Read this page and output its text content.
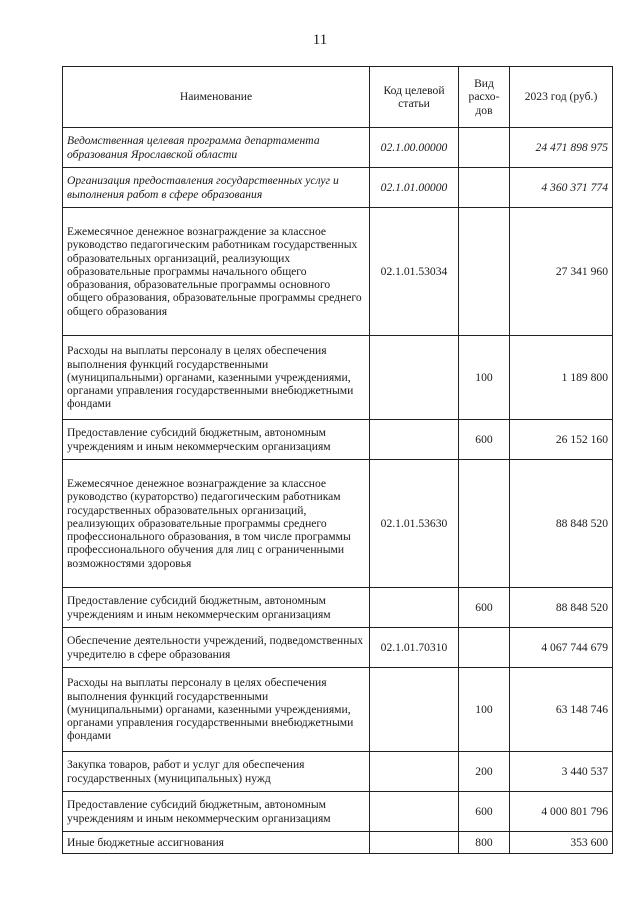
11
Наименование	Код целевой статьи	Вид расхо-дов	2023 год (руб.)
Ведомственная целевая программа департамента образования Ярославской области	02.1.00.00000		24 471 898 975
Организация предоставления государственных услуг и выполнения работ в сфере образования	02.1.01.00000		4 360 371 774
Ежемесячное денежное вознаграждение за классное руководство педагогическим работникам государственных образовательных организаций, реализующих образовательные программы начального общего образования, образовательные программы основного общего образования, образовательные программы среднего общего образования	02.1.01.53034		27 341 960
Расходы на выплаты персоналу в целях обеспечения выполнения функций государственными (муниципальными) органами, казенными учреждениями, органами управления государственными внебюджетными фондами		100	1 189 800
Предоставление субсидий бюджетным, автономным учреждениям и иным некоммерческим организациям		600	26 152 160
Ежемесячное денежное вознаграждение за классное руководство (кураторство) педагогическим работникам государственных образовательных организаций, реализующих образовательные программы среднего профессионального образования, в том числе программы профессионального обучения для лиц с ограниченными возможностями здоровья	02.1.01.53630		88 848 520
Предоставление субсидий бюджетным, автономным учреждениям и иным некоммерческим организациям		600	88 848 520
Обеспечение деятельности учреждений, подведомственных учредителю в сфере образования	02.1.01.70310		4 067 744 679
Расходы на выплаты персоналу в целях обеспечения выполнения функций государственными (муниципальными) органами, казенными учреждениями, органами управления государственными внебюджетными фондами		100	63 148 746
Закупка товаров, работ и услуг для обеспечения государственных (муниципальных) нужд		200	3 440 537
Предоставление субсидий бюджетным, автономным учреждениям и иным некоммерческим организациям		600	4 000 801 796
Иные бюджетные ассигнования		800	353 600
